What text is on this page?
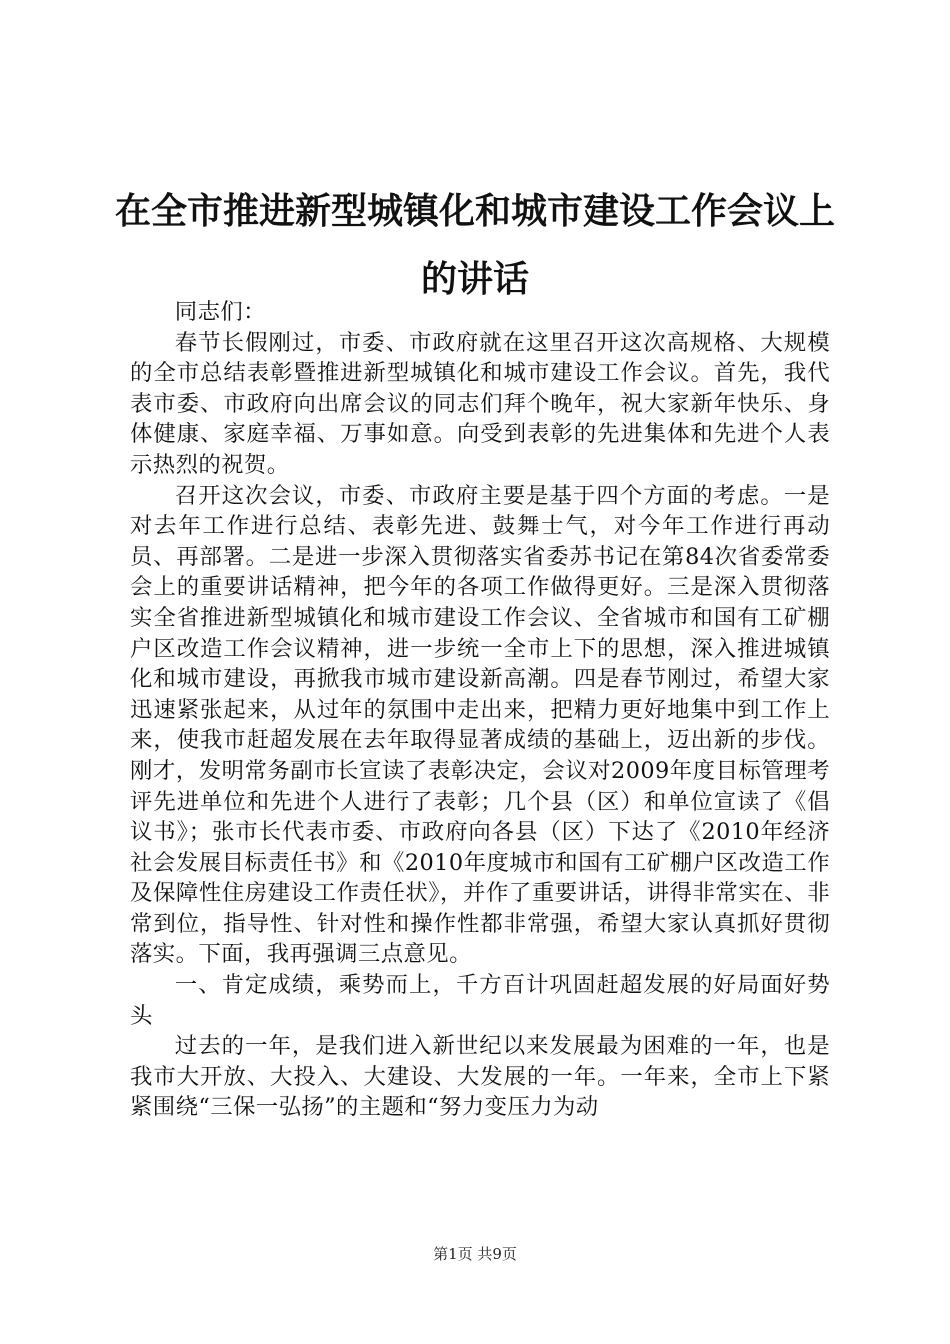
在全市推进新型城镇化和城市建设工作会议上
的讲话

同志们：

春节长假刚过，市委、市政府就在这里召开这次高规格、大规模的全市总结表彰暨推进新型城镇化和城市建设工作会议。首先，我代表市委、市政府向出席会议的同志们拜个晚年，祝大家新年快乐、身体健康、家庭幸福、万事如意。向受到表彰的先进集体和先进个人表示热烈的祝贺。

召开这次会议，市委、市政府主要是基于四个方面的考虑。一是对去年工作进行总结、表彰先进、鼓舞士气，对今年工作进行再动员、再部署。二是进一步深入贯彻落实省委苏书记在第84次省委常委会上的重要讲话精神，把今年的各项工作做得更好。三是深入贯彻落实全省推进新型城镇化和城市建设工作会议、全省城市和国有工矿棚户区改造工作会议精神，进一步统一全市上下的思想，深入推进城镇化和城市建设，再掀我市城市建设新高潮。四是春节刚过，希望大家迅速紧张起来，从过年的氛围中走出来，把精力更好地集中到工作上来，使我市赶超发展在去年取得显著成绩的基础上，迈出新的步伐。刚才，发明常务副市长宣读了表彰决定，会议对2009年度目标管理考评先进单位和先进个人进行了表彰；几个县（区）和单位宣读了《倡议书》；张市长代表市委、市政府向各县（区）下达了《2010年经济社会发展目标责任书》和《2010年度城市和国有工矿棚户区改造工作及保障性住房建设工作责任状》，并作了重要讲话，讲得非常实在、非常到位，指导性、针对性和操作性都非常强，希望大家认真抓好贯彻落实。下面，我再强调三点意见。

一、肯定成绩，乘势而上，千方百计巩固赶超发展的好局面好势头

过去的一年，是我们进入新世纪以来发展最为困难的一年，也是我市大开放、大投入、大建设、大发展的一年。一年来，全市上下紧紧围绕“三保一弘扬”的主题和“努力变压力为动

第1页 共9页
